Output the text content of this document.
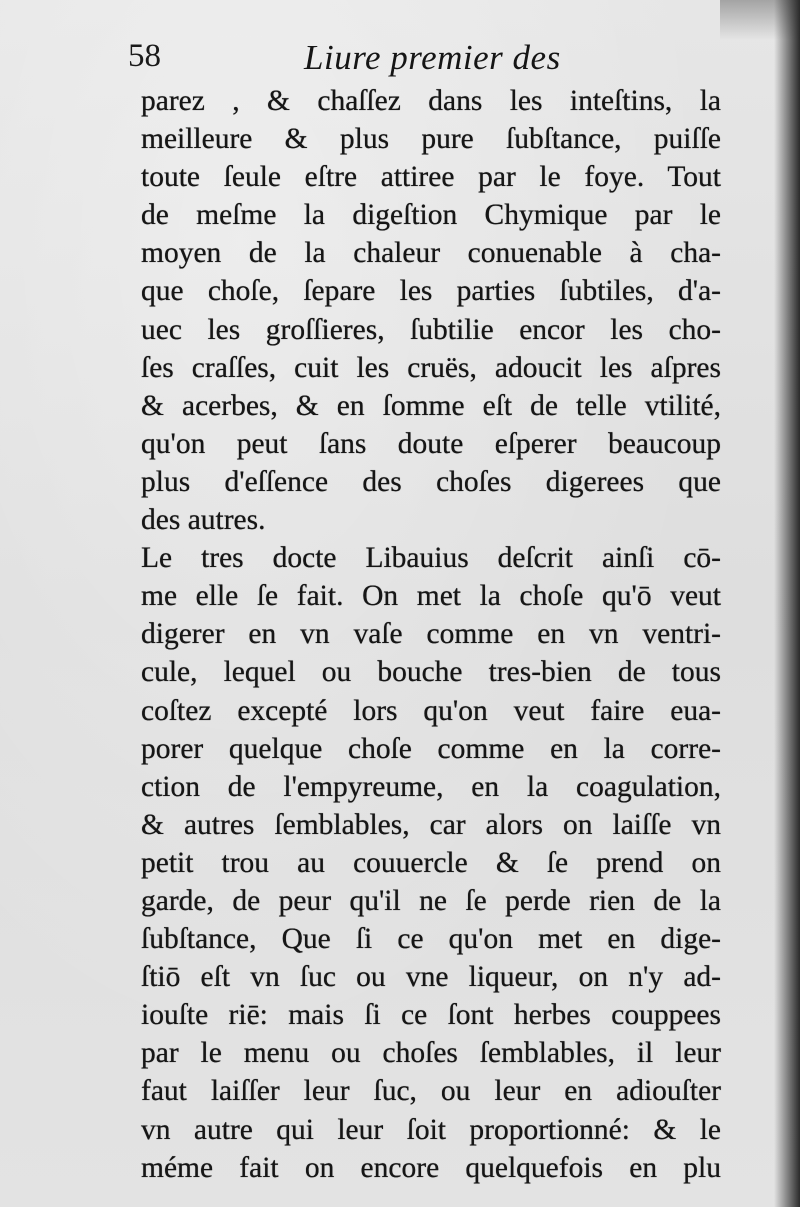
58	Liure premier des
parez , & chaſſez dans les inteſtins, la
meilleure & plus pure ſubſtance, puiſſe
toute ſeule eſtre attiree par le foye. Tout
de meſme la digeſtion Chymique par le
moyen de la chaleur conuenable à cha-
que choſe, ſepare les parties ſubtiles, d'a-
uec les groſſieres, ſubtilie encor les cho-
ſes craſſes, cuit les cruës, adoucit les aſpres
& acerbes, & en ſomme eſt de telle vtilité,
qu'on peut ſans doute eſperer beaucoup
plus d'eſſence des choſes digerees que
des autres.
Le tres docte Libauius deſcrit ainſi cō-
me elle ſe fait. On met la choſe qu'ō veut
digerer en vn vaſe comme en vn ventri-
cule, lequel ou bouche tres-bien de tous
coſtez excepté lors qu'on veut faire eua-
porer quelque choſe comme en la corre-
ction de l'empyreume, en la coagulation,
& autres ſemblables, car alors on laiſſe vn
petit trou au couuercle & ſe prend on
garde, de peur qu'il ne ſe perde rien de la
ſubſtance, Que ſi ce qu'on met en dige-
ſtiō eſt vn ſuc ou vne liqueur, on n'y ad-
iouſte riē: mais ſi ce ſont herbes couppees
par le menu ou choſes ſemblables, il leur
faut laiſſer leur ſuc, ou leur en adiouſter
vn autre qui leur ſoit proportionné: & le
méme fait on encore quelquefois en plu
